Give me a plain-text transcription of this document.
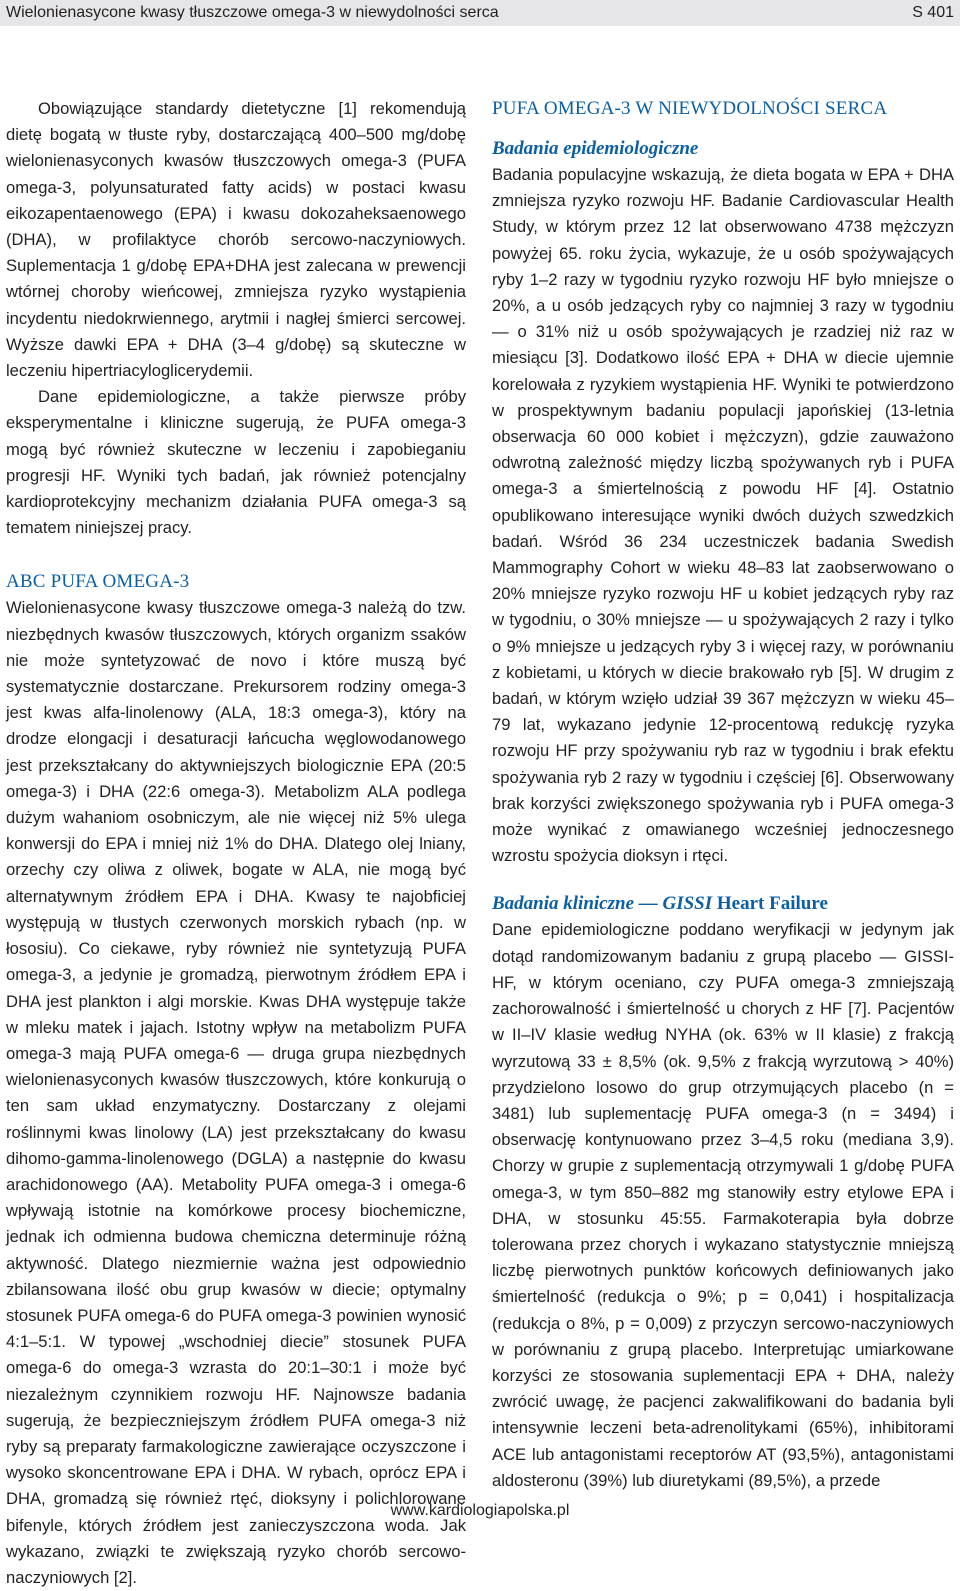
Wielonienasycone kwasy tłuszczowe omega-3 w niewydolności serca	S 401

Obowiązujące standardy dietetyczne [1] rekomendują dietę bogatą w tłuste ryby, dostarczającą 400–500 mg/dobę wielonienasyconych kwasów tłuszczowych omega-3 (PUFA omega-3, polyunsaturated fatty acids) w postaci kwasu eikozapentaenowego (EPA) i kwasu dokozaheksaenowego (DHA), w profilaktyce chorób sercowo-naczyniowych. Suplementacja 1 g/dobę EPA+DHA jest zalecana w prewencji wtórnej choroby wieńcowej, zmniejsza ryzyko wystąpienia incydentu niedokrwiennego, arytmii i nagłej śmierci sercowej. Wyższe dawki EPA + DHA (3–4 g/dobę) są skuteczne w leczeniu hipertriacyloglicerydemii.

Dane epidemiologiczne, a także pierwsze próby eksperymentalne i kliniczne sugerują, że PUFA omega-3 mogą być również skuteczne w leczeniu i zapobieganiu progresji HF. Wyniki tych badań, jak również potencjalny kardioprotekcyjny mechanizm działania PUFA omega-3 są tematem niniejszej pracy.

ABC PUFA OMEGA-3

Wielonienasycone kwasy tłuszczowe omega-3 należą do tzw. niezbędnych kwasów tłuszczowych, których organizm ssaków nie może syntetyzować de novo i które muszą być systematycznie dostarczane. Prekursorem rodziny omega-3 jest kwas alfa-linolenowy (ALA, 18:3 omega-3), który na drodze elongacji i desaturacji łańcucha węglowodanowego jest przekształcany do aktywniejszych biologicznie EPA (20:5 omega-3) i DHA (22:6 omega-3). Metabolizm ALA podlega dużym wahaniom osobniczym, ale nie więcej niż 5% ulega konwersji do EPA i mniej niż 1% do DHA. Dlatego olej lniany, orzechy czy oliwa z oliwek, bogate w ALA, nie mogą być alternatywnym źródłem EPA i DHA. Kwasy te najobficiej występują w tłustych czerwonych morskich rybach (np. w łososiu). Co ciekawe, ryby również nie syntetyzują PUFA omega-3, a jedynie je gromadzą, pierwotnym źródłem EPA i DHA jest plankton i algi morskie. Kwas DHA występuje także w mleku matek i jajach. Istotny wpływ na metabolizm PUFA omega-3 mają PUFA omega-6 — druga grupa niezbędnych wielonienasyconych kwasów tłuszczowych, które konkurują o ten sam układ enzymatyczny. Dostarczany z olejami roślinnymi kwas linolowy (LA) jest przekształcany do kwasu dihomo-gamma-linolenowego (DGLA) a następnie do kwasu arachidonowego (AA). Metabolity PUFA omega-3 i omega-6 wpływają istotnie na komórkowe procesy biochemiczne, jednak ich odmienna budowa chemiczna determinuje różną aktywność. Dlatego niezmiernie ważna jest odpowiednio zbilansowana ilość obu grup kwasów w diecie; optymalny stosunek PUFA omega-6 do PUFA omega-3 powinien wynosić 4:1–5:1. W typowej „wschodniej diecie” stosunek PUFA omega-6 do omega-3 wzrasta do 20:1–30:1 i może być niezależnym czynnikiem rozwoju HF. Najnowsze badania sugerują, że bezpieczniejszym źródłem PUFA omega-3 niż ryby są preparaty farmakologiczne zawierające oczyszczone i wysoko skoncentrowane EPA i DHA. W rybach, oprócz EPA i DHA, gromadzą się również rtęć, dioksyny i polichlorowane bifenyle, których źródłem jest zanieczyszczona woda. Jak wykazano, związki te zwiększają ryzyko chorób sercowo-naczyniowych [2].

PUFA OMEGA-3 W NIEWYDOLNOŚCI SERCA
Badania epidemiologiczne

Badania populacyjne wskazują, że dieta bogata w EPA + DHA zmniejsza ryzyko rozwoju HF. Badanie Cardiovascular Health Study, w którym przez 12 lat obserwowano 4738 mężczyzn powyżej 65. roku życia, wykazuje, że u osób spożywających ryby 1–2 razy w tygodniu ryzyko rozwoju HF było mniejsze o 20%, a u osób jedzących ryby co najmniej 3 razy w tygodniu — o 31% niż u osób spożywających je rzadziej niż raz w miesiącu [3]. Dodatkowo ilość EPA + DHA w diecie ujemnie korelowała z ryzykiem wystąpienia HF. Wyniki te potwierdzono w prospektywnym badaniu populacji japońskiej (13-letnia obserwacja 60 000 kobiet i mężczyzn), gdzie zauważono odwrotną zależność między liczbą spożywanych ryb i PUFA omega-3 a śmiertelnością z powodu HF [4]. Ostatnio opublikowano interesujące wyniki dwóch dużych szwedzkich badań. Wśród 36 234 uczestniczek badania Swedish Mammography Cohort w wieku 48–83 lat zaobserwowano o 20% mniejsze ryzyko rozwoju HF u kobiet jedzących ryby raz w tygodniu, o 30% mniejsze — u spożywających 2 razy i tylko o 9% mniejsze u jedzących ryby 3 i więcej razy, w porównaniu z kobietami, u których w diecie brakowało ryb [5]. W drugim z badań, w którym wzięło udział 39 367 mężczyzn w wieku 45–79 lat, wykazano jedynie 12-procentową redukcję ryzyka rozwoju HF przy spożywaniu ryb raz w tygodniu i brak efektu spożywania ryb 2 razy w tygodniu i częściej [6]. Obserwowany brak korzyści zwiększonego spożywania ryb i PUFA omega-3 może wynikać z omawianego wcześniej jednoczesnego wzrostu spożycia dioksyn i rtęci.

Badania kliniczne — GISSI Heart Failure

Dane epidemiologiczne poddano weryfikacji w jedynym jak dotąd randomizowanym badaniu z grupą placebo — GISSI-HF, w którym oceniano, czy PUFA omega-3 zmniejszają zachorowalność i śmiertelność u chorych z HF [7]. Pacjentów w II–IV klasie według NYHA (ok. 63% w II klasie) z frakcją wyrzutową 33 ± 8,5% (ok. 9,5% z frakcją wyrzutową > 40%) przydzielono losowo do grup otrzymujących placebo (n = 3481) lub suplementację PUFA omega-3 (n = 3494) i obserwację kontynuowano przez 3–4,5 roku (mediana 3,9). Chorzy w grupie z suplementacją otrzymywali 1 g/dobę PUFA omega-3, w tym 850–882 mg stanowiły estry etylowe EPA i DHA, w stosunku 45:55. Farmakoterapia była dobrze tolerowana przez chorych i wykazano statystycznie mniejszą liczbę pierwotnych punktów końcowych definiowanych jako śmiertelność (redukcja o 9%; p = 0,041) i hospitalizacja (redukcja o 8%, p = 0,009) z przyczyn sercowo-naczyniowych w porównaniu z grupą placebo. Interpretując umiarkowane korzyści ze stosowania suplementacji EPA + DHA, należy zwrócić uwagę, że pacjenci zakwalifikowani do badania byli intensywnie leczeni beta-adrenolitykami (65%), inhibitorami ACE lub antagonistami receptorów AT (93,5%), antagonistami aldosteronu (39%) lub diuretykami (89,5%), a przede

www.kardiologiapolska.pl
